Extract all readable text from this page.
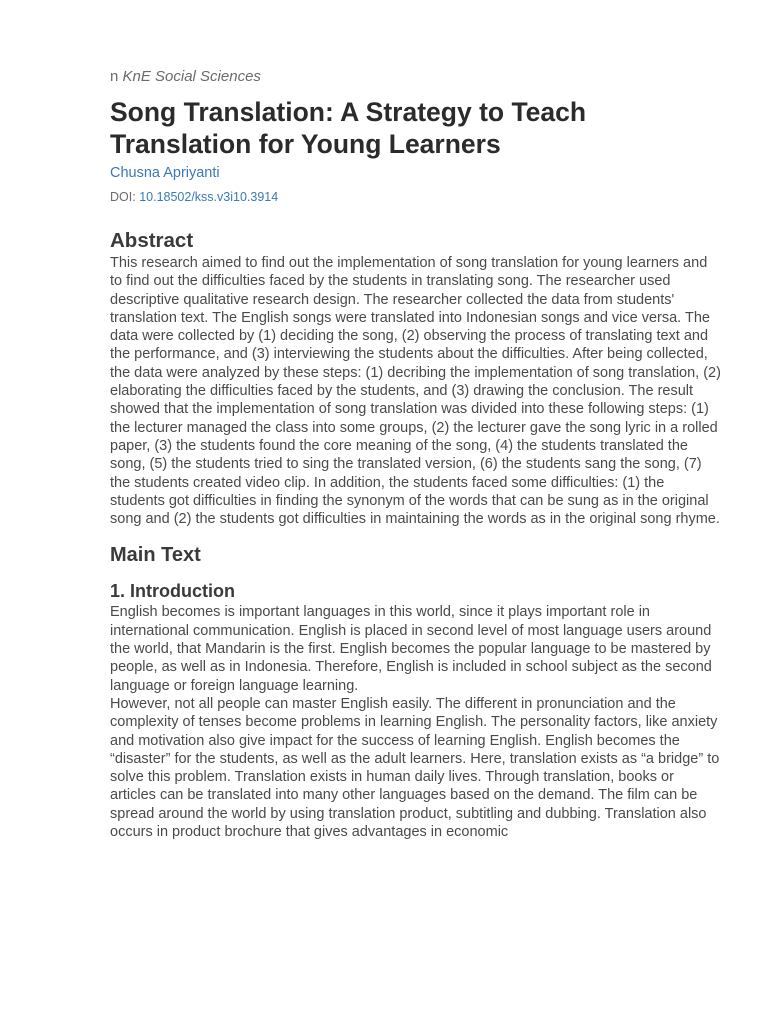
n KnE Social Sciences

Song Translation: A Strategy to Teach Translation for Young Learners

Chusna Apriyanti

DOI: 10.18502/kss.v3i10.3914

Abstract

This research aimed to find out the implementation of song translation for young learners and to find out the difficulties faced by the students in translating song. The researcher used descriptive qualitative research design. The researcher collected the data from students' translation text. The English songs were translated into Indonesian songs and vice versa. The data were collected by (1) deciding the song, (2) observing the process of translating text and the performance, and (3) interviewing the students about the difficulties. After being collected, the data were analyzed by these steps: (1) decribing the implementation of song translation, (2) elaborating the difficulties faced by the students, and (3) drawing the conclusion. The result showed that the implementation of song translation was divided into these following steps: (1) the lecturer managed the class into some groups, (2) the lecturer gave the song lyric in a rolled paper, (3) the students found the core meaning of the song, (4) the students translated the song, (5) the students tried to sing the translated version, (6) the students sang the song, (7) the students created video clip. In addition, the students faced some difficulties: (1) the students got difficulties in finding the synonym of the words that can be sung as in the original song and (2) the students got difficulties in maintaining the words as in the original song rhyme.

Main Text
1. Introduction

English becomes is important languages in this world, since it plays important role in international communication. English is placed in second level of most language users around the world, that Mandarin is the first. English becomes the popular language to be mastered by people, as well as in Indonesia. Therefore, English is included in school subject as the second language or foreign language learning.

However, not all people can master English easily. The different in pronunciation and the complexity of tenses become problems in learning English. The personality factors, like anxiety and motivation also give impact for the success of learning English. English becomes the “disaster” for the students, as well as the adult learners. Here, translation exists as “a bridge” to solve this problem. Translation exists in human daily lives. Through translation, books or articles can be translated into many other languages based on the demand. The film can be spread around the world by using translation product, subtitling and dubbing. Translation also occurs in product brochure that gives advantages in economic
